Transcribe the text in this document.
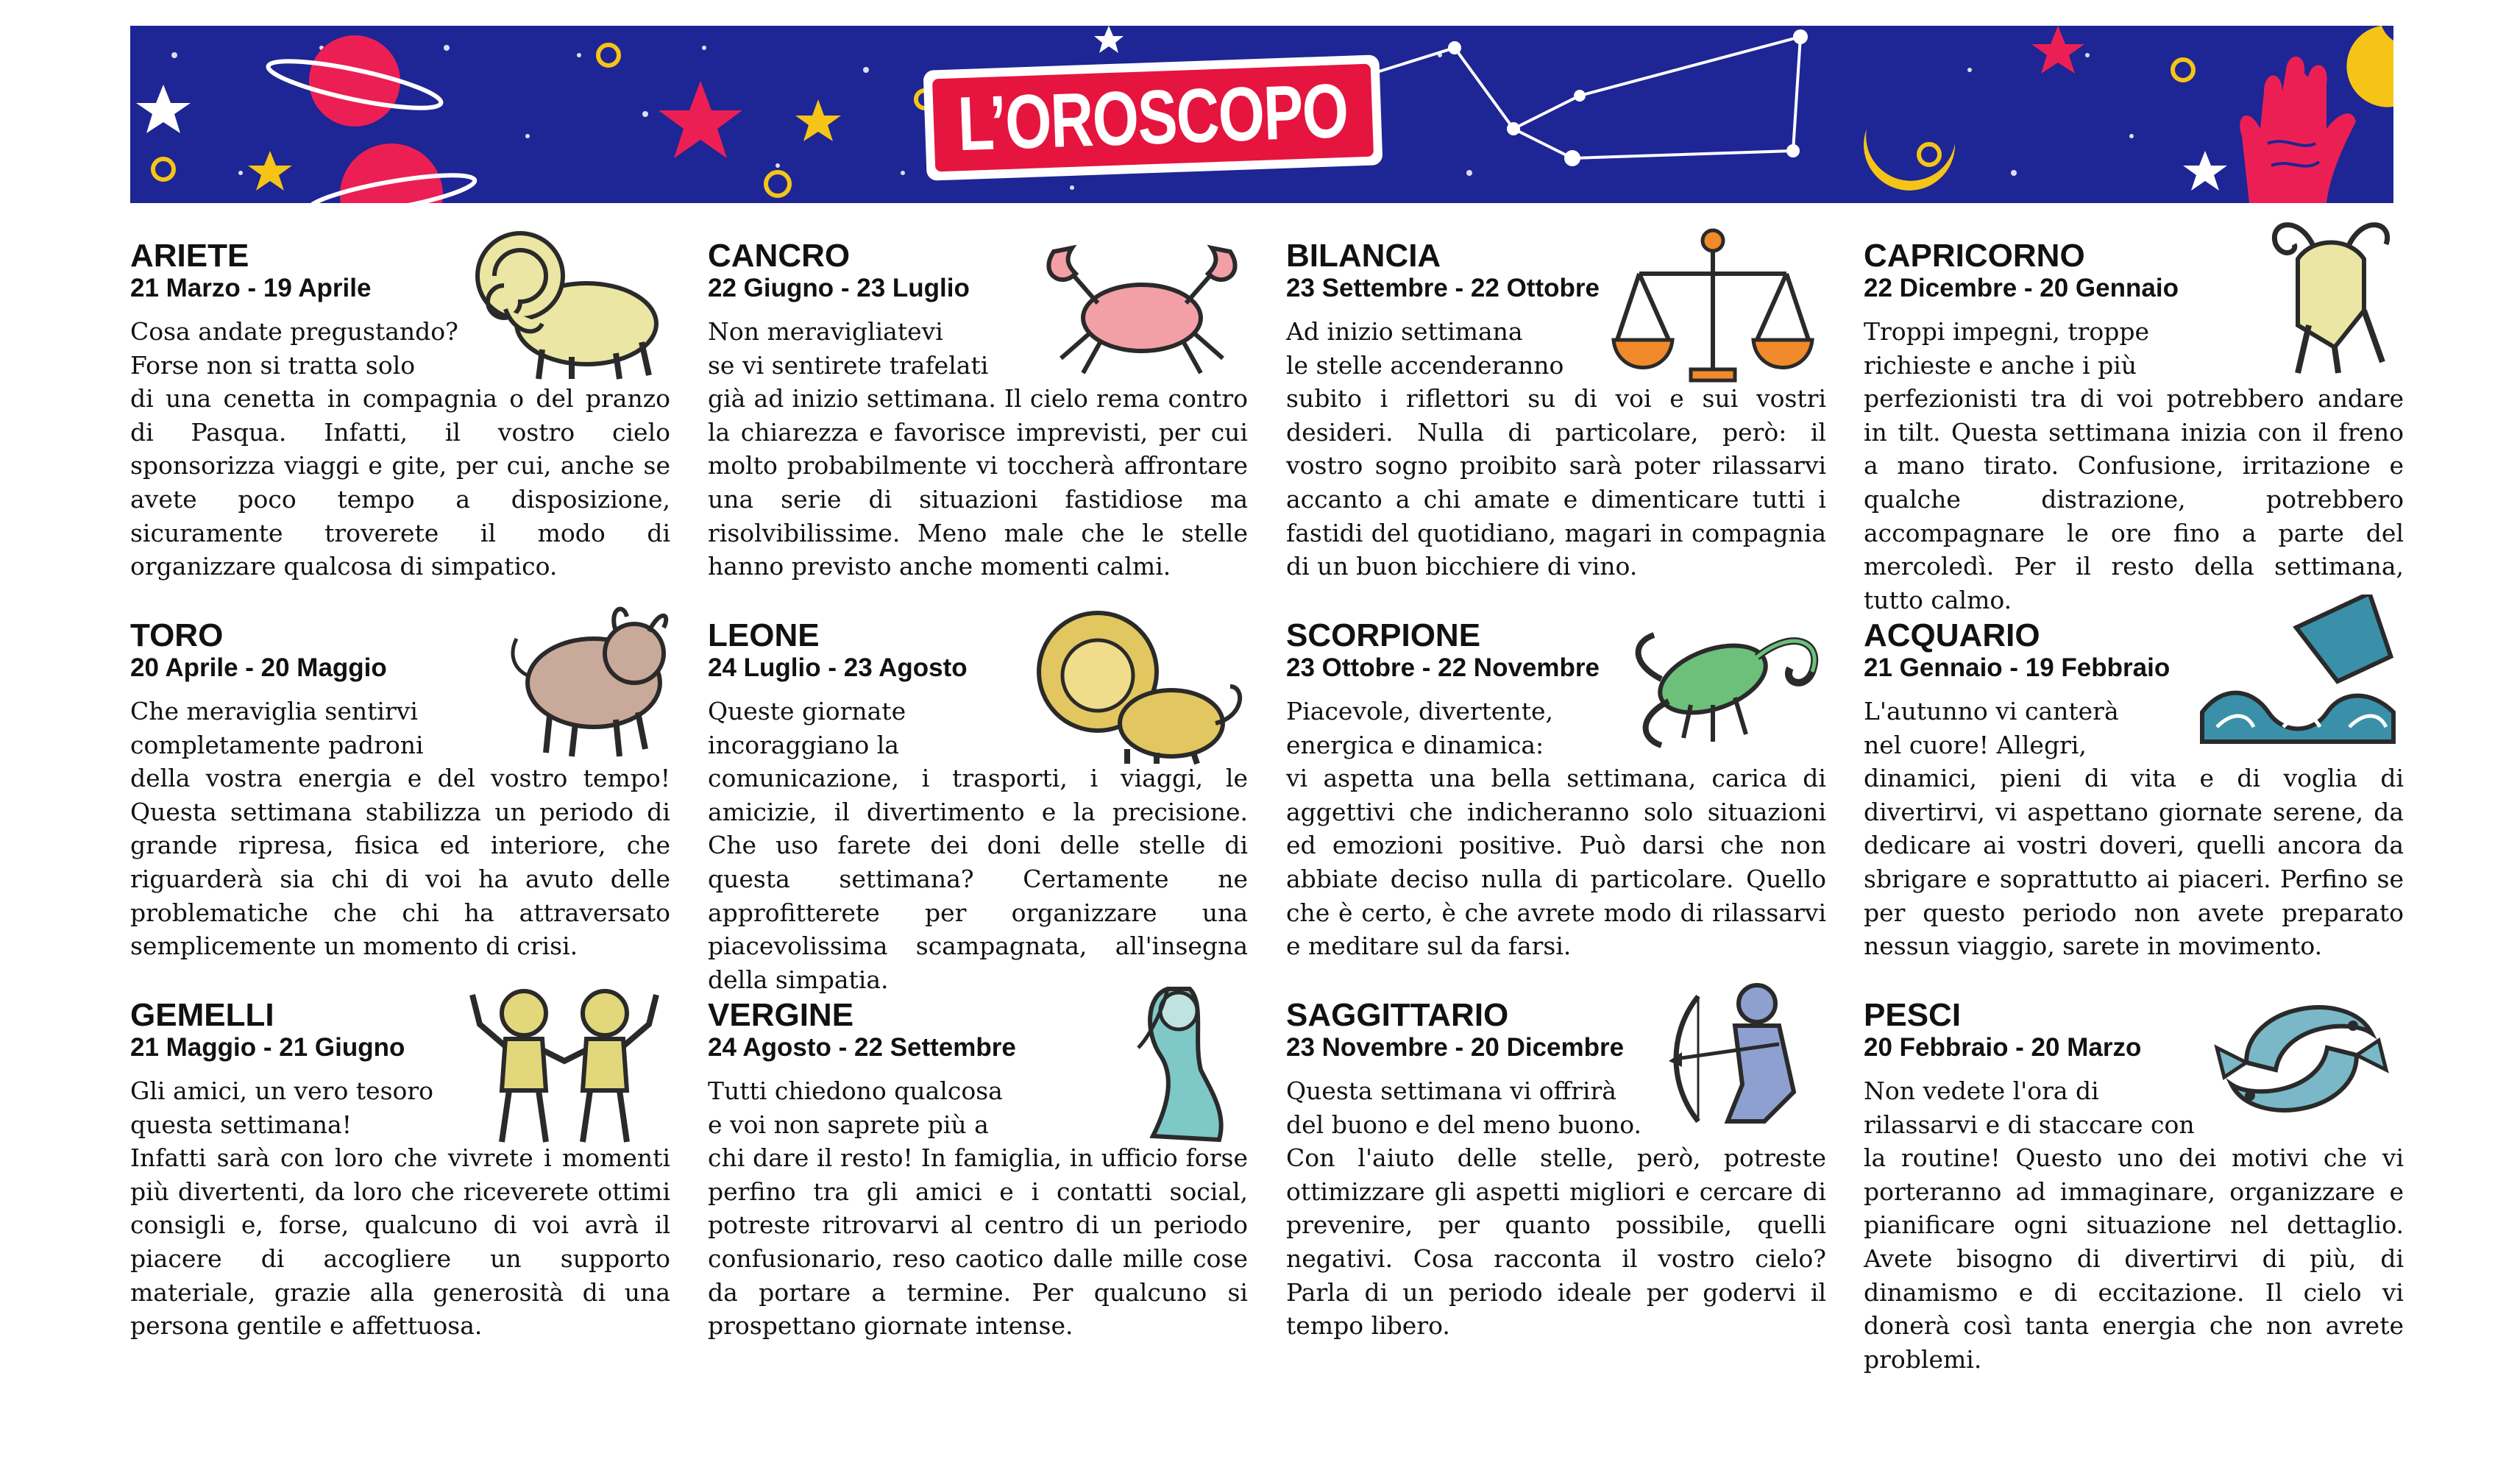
L’OROSCOPO
ARIETE
21 Marzo - 19 Aprile

Cosa andate pregustando?
Forse non si tratta solo

di una cenetta in compagnia o del pranzo di Pasqua. Infatti, il vostro cielo sponsorizza viaggi e gite, per cui, anche se avete poco tempo a disposizione, sicuramente troverete il modo di organizzare qualcosa di simpatico.

TORO
20 Aprile - 20 Maggio

Che meraviglia sentirvi
completamente padroni

della vostra energia e del vostro tempo! Questa settimana stabilizza un periodo di grande ripresa, fisica ed interiore, che riguarderà sia chi di voi ha avuto delle problematiche che chi ha attraversato semplicemente un momento di crisi.

GEMELLI
21 Maggio - 21 Giugno

Gli amici, un vero tesoro
questa settimana!

Infatti sarà con loro che vivrete i momenti più divertenti, da loro che riceverete ottimi consigli e, forse, qualcuno di voi avrà il piacere di accogliere un supporto materiale, grazie alla generosità di una persona gentile e affettuosa.

CANCRO
22 Giugno - 23 Luglio

Non meravigliatevi
se vi sentirete trafelati

già ad inizio settimana. Il cielo rema contro la chiarezza e favorisce imprevisti, per cui molto probabilmente vi toccherà affrontare una serie di situazioni fastidiose ma risolvibilissime. Meno male che le stelle hanno previsto anche momenti calmi.

LEONE
24 Luglio - 23 Agosto

Queste giornate
incoraggiano la

comunicazione, i trasporti, i viaggi, le amicizie, il divertimento e la precisione. Che uso farete dei doni delle stelle di questa settimana? Certamente ne approfitterete per organizzare una piacevolissima scampagnata, all'insegna della simpatia.

VERGINE
24 Agosto - 22 Settembre

Tutti chiedono qualcosa
e voi non saprete più a

chi dare il resto! In famiglia, in ufficio forse perfino tra gli amici e i contatti social, potreste ritrovarvi al centro di un periodo confusionario, reso caotico dalle mille cose da portare a termine. Per qualcuno si prospettano giornate intense.

BILANCIA
23 Settembre - 22 Ottobre

Ad inizio settimana
le stelle accenderanno

subito i riflettori su di voi e sui vostri desideri. Nulla di particolare, però: il vostro sogno proibito sarà poter rilassarvi accanto a chi amate e dimenticare tutti i fastidi del quotidiano, magari in compagnia di un buon bicchiere di vino.

SCORPIONE
23 Ottobre - 22 Novembre

Piacevole, divertente,
energica e dinamica:

vi aspetta una bella settimana, carica di aggettivi che indicheranno solo situazioni ed emozioni positive. Può darsi che non abbiate deciso nulla di particolare. Quello che è certo, è che avrete modo di rilassarvi e meditare sul da farsi.

SAGGITTARIO
23 Novembre - 20 Dicembre

Questa settimana vi offrirà
del buono e del meno buono.

Con l'aiuto delle stelle, però, potreste ottimizzare gli aspetti migliori e cercare di prevenire, per quanto possibile, quelli negativi. Cosa racconta il vostro cielo? Parla di un periodo ideale per godervi il tempo libero.

CAPRICORNO
22 Dicembre - 20 Gennaio

Troppi impegni, troppe
richieste e anche i più

perfezionisti tra di voi potrebbero andare in tilt. Questa settimana inizia con il freno a mano tirato. Confusione, irritazione e qualche distrazione, potrebbero accompagnare le ore fino a parte del mercoledì. Per il resto della settimana, tutto calmo.

ACQUARIO
21 Gennaio - 19 Febbraio

L'autunno vi canterà
nel cuore! Allegri,

dinamici, pieni di vita e di voglia di divertirvi, vi aspettano giornate serene, da dedicare ai vostri doveri, quelli ancora da sbrigare e soprattutto ai piaceri. Perfino se per questo periodo non avete preparato nessun viaggio, sarete in movimento.

PESCI
20 Febbraio - 20 Marzo

Non vedete l'ora di
rilassarvi e di staccare con

la routine! Questo uno dei motivi che vi porteranno ad immaginare, organizzare e pianificare ogni situazione nel dettaglio. Avete bisogno di divertirvi di più, di dinamismo e di eccitazione. Il cielo vi donerà così tanta energia che non avrete problemi.
